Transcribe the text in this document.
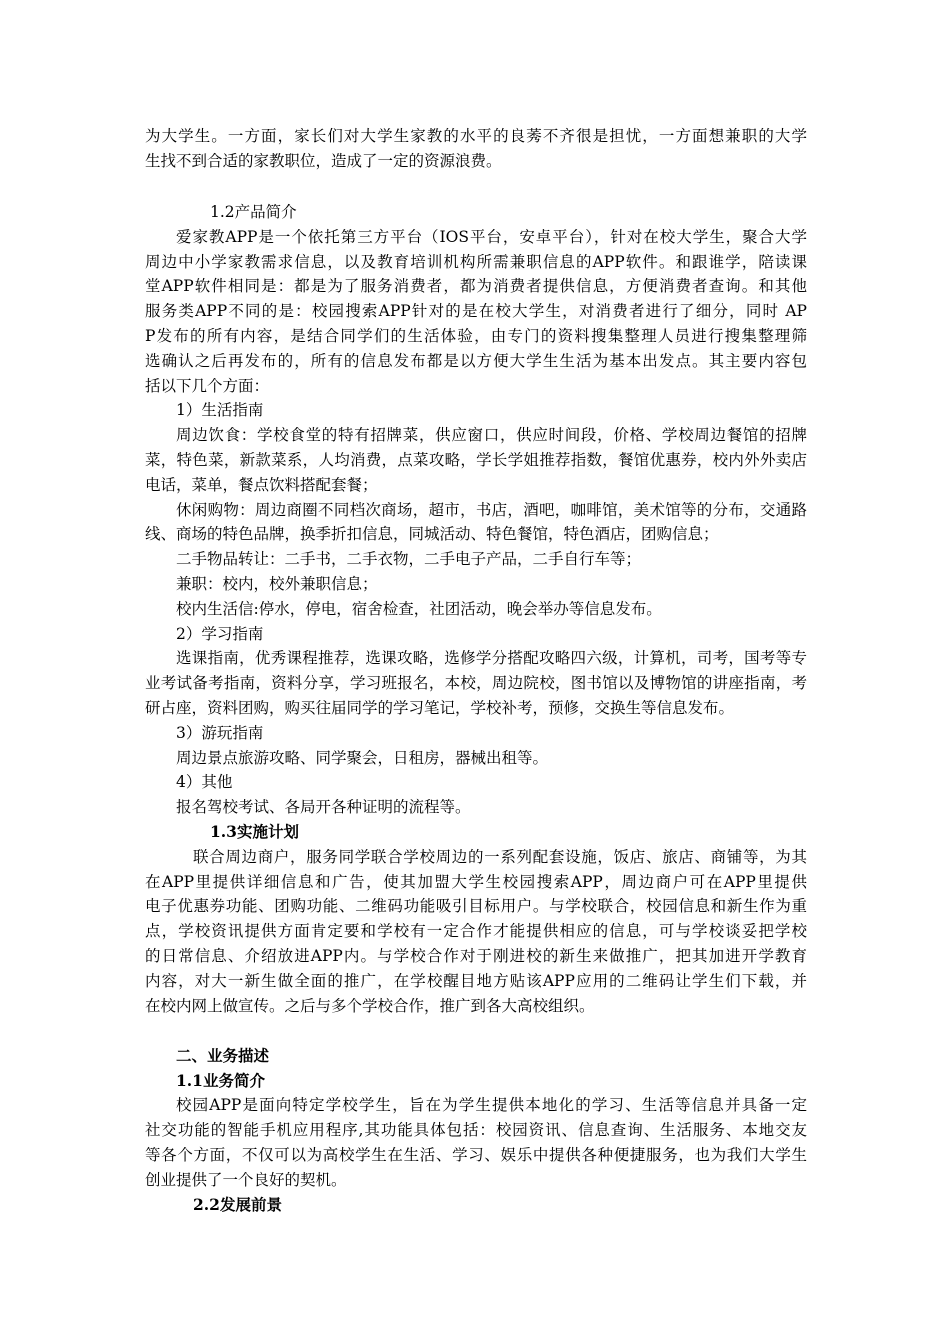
为大学生。一方面，家长们对大学生家教的水平的良莠不齐很是担忧，一方面想兼职的大学
生找不到合适的家教职位，造成了一定的资源浪费。
1.2产品简介
爱家教APP是一个依托第三方平台（IOS平台，安卓平台），针对在校大学生，聚合大学
周边中小学家教需求信息，以及教育培训机构所需兼职信息的APP软件。和跟谁学，陪读课
堂APP软件相同是：都是为了服务消费者，都为消费者提供信息，方便消费者查询。和其他
服务类APP不同的是：校园搜索APP针对的是在校大学生，对消费者进行了细分，同时 AP
P发布的所有内容，是结合同学们的生活体验，由专门的资料搜集整理人员进行搜集整理筛
选确认之后再发布的，所有的信息发布都是以方便大学生生活为基本出发点。其主要内容包
括以下几个方面：
1）生活指南
周边饮食：学校食堂的特有招牌菜，供应窗口，供应时间段，价格、学校周边餐馆的招牌
菜，特色菜，新款菜系，人均消费，点菜攻略，学长学姐推荐指数，餐馆优惠券，校内外外卖店
电话，菜单，餐点饮料搭配套餐；
休闲购物：周边商圈不同档次商场，超市，书店，酒吧，咖啡馆，美术馆等的分布，交通路
线、商场的特色品牌，换季折扣信息，同城活动、特色餐馆，特色酒店，团购信息；
二手物品转让：二手书，二手衣物，二手电子产品，二手自行车等；
兼职：校内，校外兼职信息；
校内生活信:停水，停电，宿舍检查，社团活动，晚会举办等信息发布。
2）学习指南
选课指南，优秀课程推荐，选课攻略，选修学分搭配攻略四六级，计算机，司考，国考等专
业考试备考指南，资料分享，学习班报名，本校，周边院校，图书馆以及博物馆的讲座指南，考
研占座，资料团购，购买往届同学的学习笔记，学校补考，预修，交换生等信息发布。
3）游玩指南
周边景点旅游攻略、同学聚会，日租房，器械出租等。
4）其他
报名驾校考试、各局开各种证明的流程等。
1.3实施计划
联合周边商户，服务同学联合学校周边的一系列配套设施，饭店、旅店、商铺等，为其
在APP里提供详细信息和广告，使其加盟大学生校园搜索APP，周边商户可在APP里提供
电子优惠券功能、团购功能、二维码功能吸引目标用户。与学校联合，校园信息和新生作为重
点，学校资讯提供方面肯定要和学校有一定合作才能提供相应的信息，可与学校谈妥把学校
的日常信息、介绍放进APP内。与学校合作对于刚进校的新生来做推广，把其加进开学教育
内容，对大一新生做全面的推广，在学校醒目地方贴该APP应用的二维码让学生们下载，并
在校内网上做宣传。之后与多个学校合作，推广到各大高校组织。
二、业务描述
1.1业务简介
校园APP是面向特定学校学生，旨在为学生提供本地化的学习、生活等信息并具备一定
社交功能的智能手机应用程序,其功能具体包括：校园资讯、信息查询、生活服务、本地交友
等各个方面，不仅可以为高校学生在生活、学习、娱乐中提供各种便捷服务，也为我们大学生
创业提供了一个良好的契机。
2.2发展前景
